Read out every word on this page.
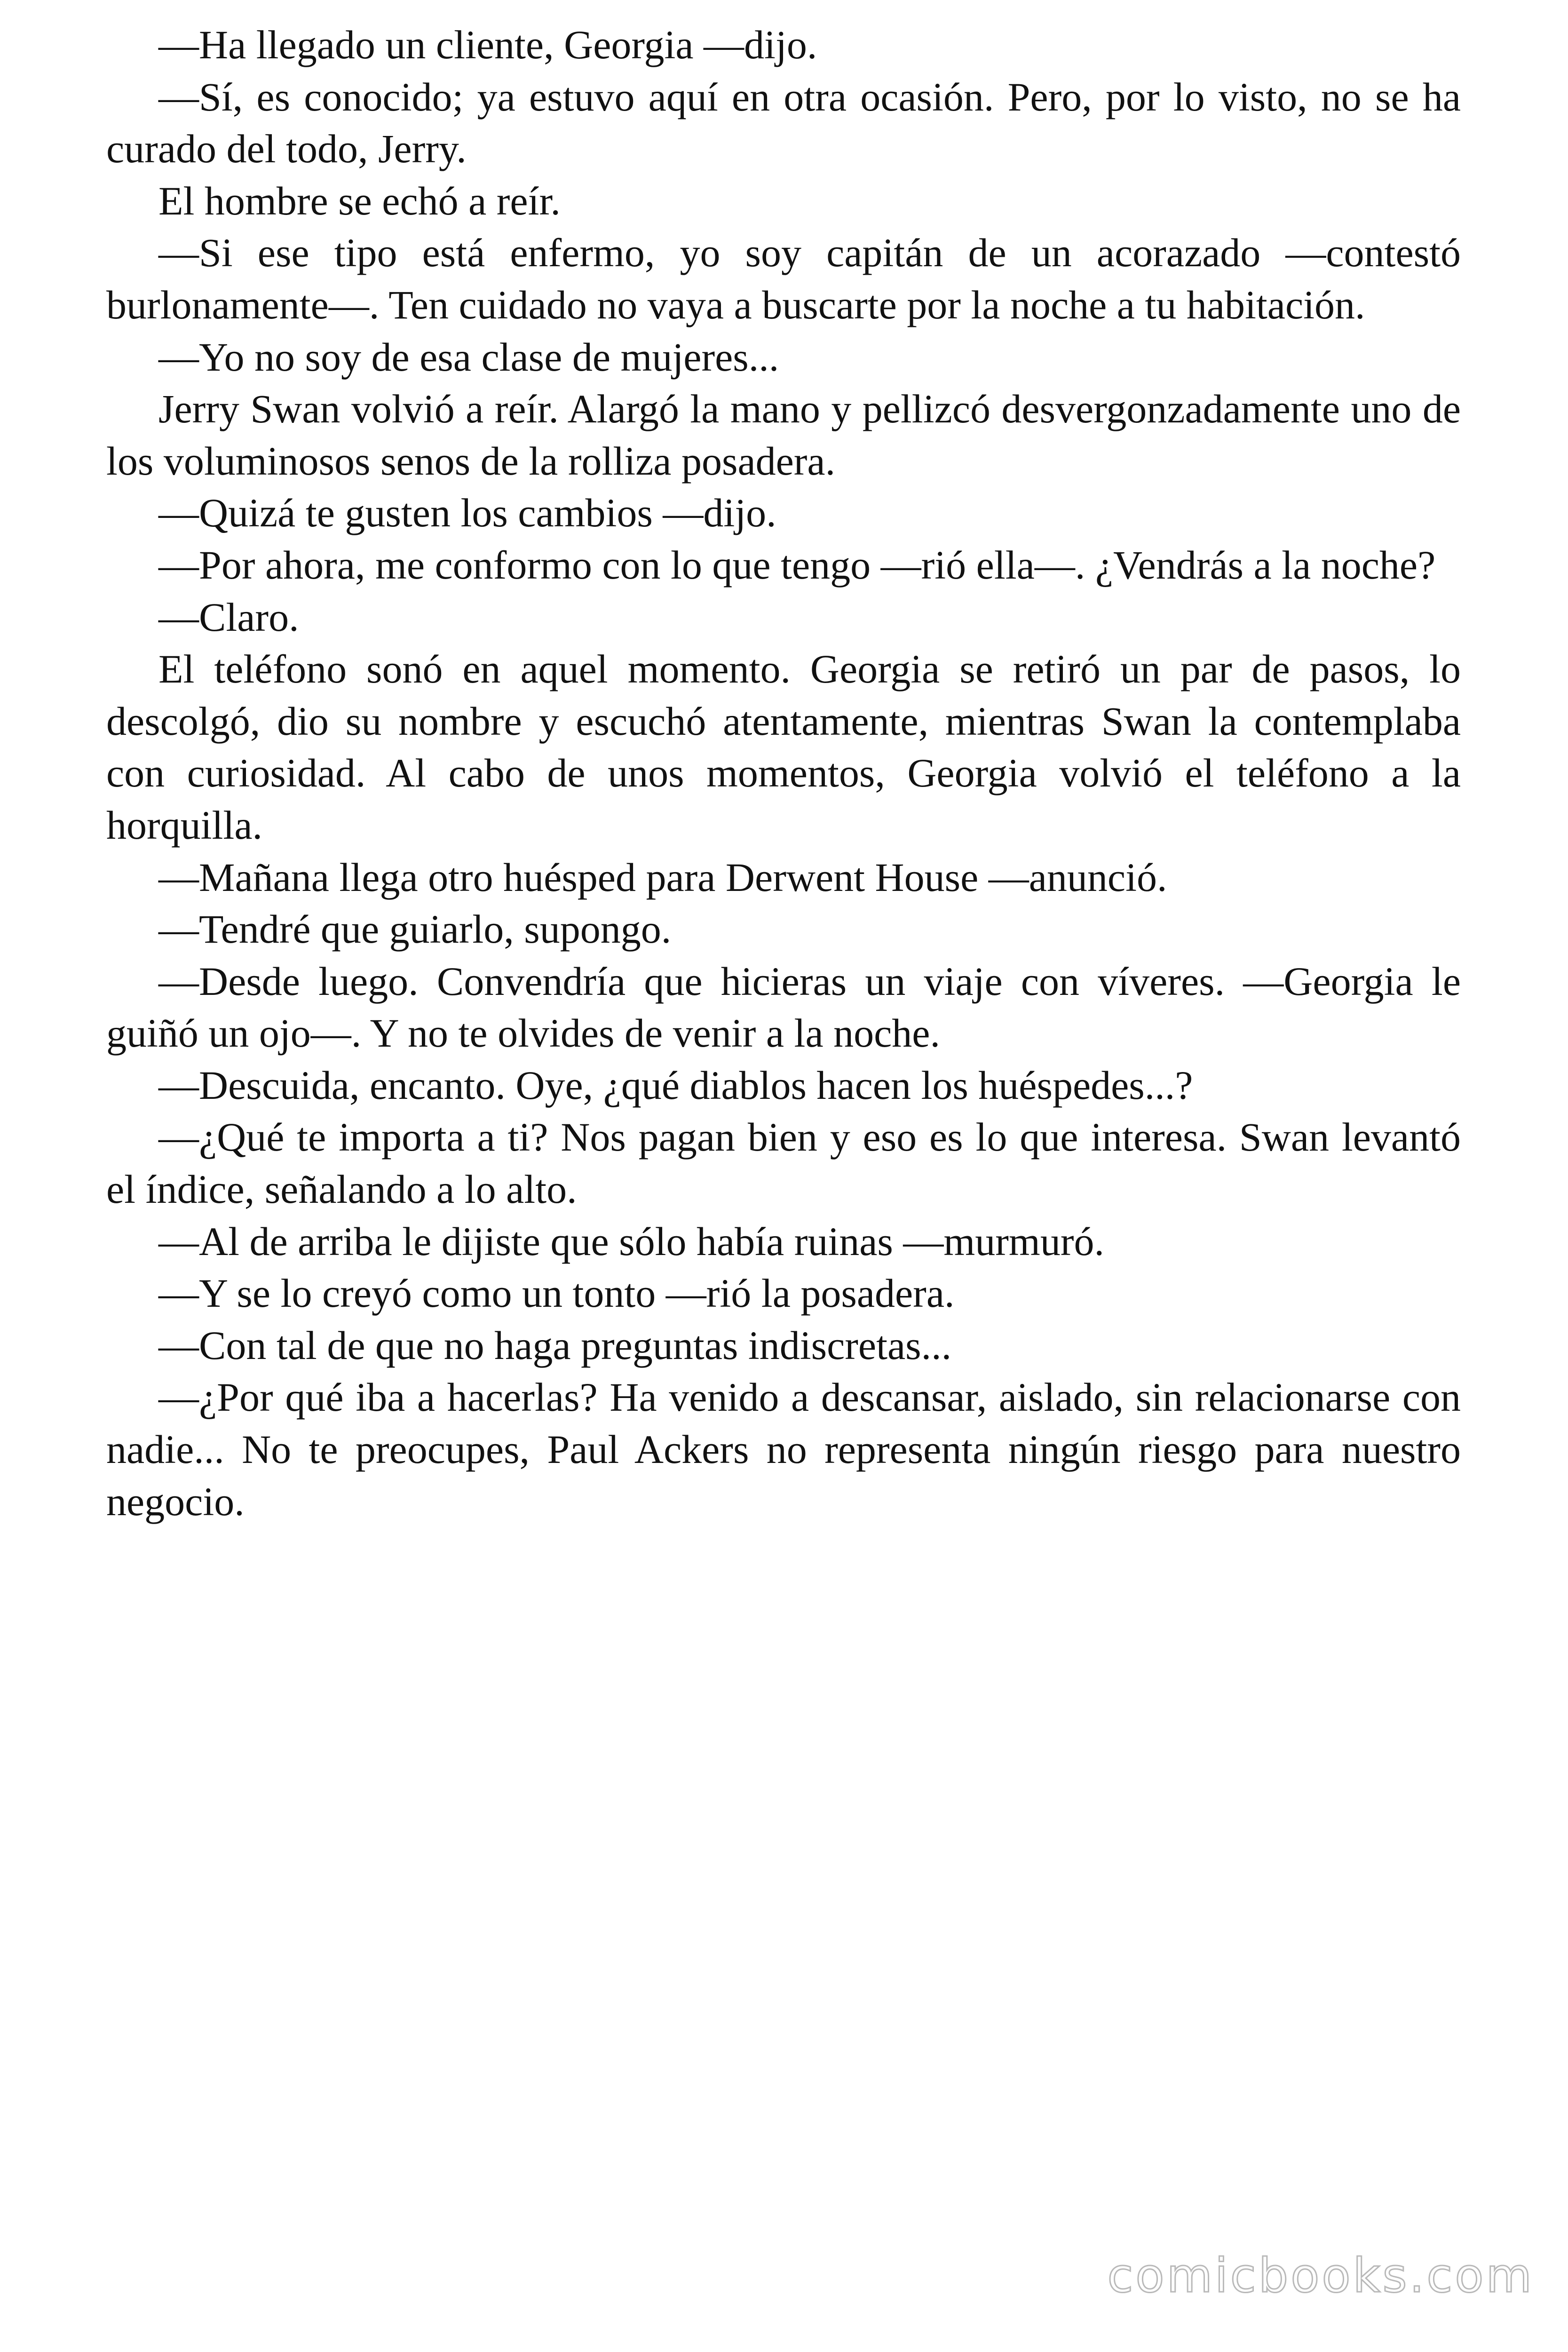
—Ha llegado un cliente, Georgia —dijo.

—Sí, es conocido; ya estuvo aquí en otra ocasión. Pero, por lo visto, no se ha curado del todo, Jerry.

El hombre se echó a reír.

—Si ese tipo está enfermo, yo soy capitán de un acorazado —contestó burlonamente—. Ten cuidado no vaya a buscarte por la noche a tu habitación.

—Yo no soy de esa clase de mujeres...

Jerry Swan volvió a reír. Alargó la mano y pellizcó desvergonzadamente uno de los voluminosos senos de la rolliza posadera.

—Quizá te gusten los cambios —dijo.

—Por ahora, me conformo con lo que tengo —rió ella—. ¿Vendrás a la noche?

—Claro.

El teléfono sonó en aquel momento. Georgia se retiró un par de pasos, lo descolgó, dio su nombre y escuchó atentamente, mientras Swan la contemplaba con curiosidad. Al cabo de unos momentos, Georgia volvió el teléfono a la horquilla.

—Mañana llega otro huésped para Derwent House —anunció.

—Tendré que guiarlo, supongo.

—Desde luego. Convendría que hicieras un viaje con víveres. —Georgia le guiñó un ojo—. Y no te olvides de venir a la noche.

—Descuida, encanto. Oye, ¿qué diablos hacen los huéspedes...?

—¿Qué te importa a ti? Nos pagan bien y eso es lo que interesa. Swan levantó el índice, señalando a lo alto.

—Al de arriba le dijiste que sólo había ruinas —murmuró.

—Y se lo creyó como un tonto —rió la posadera.

—Con tal de que no haga preguntas indiscretas...

—¿Por qué iba a hacerlas? Ha venido a descansar, aislado, sin relacionarse con nadie... No te preocupes, Paul Ackers no representa ningún riesgo para nuestro negocio.

comicbooks.com
